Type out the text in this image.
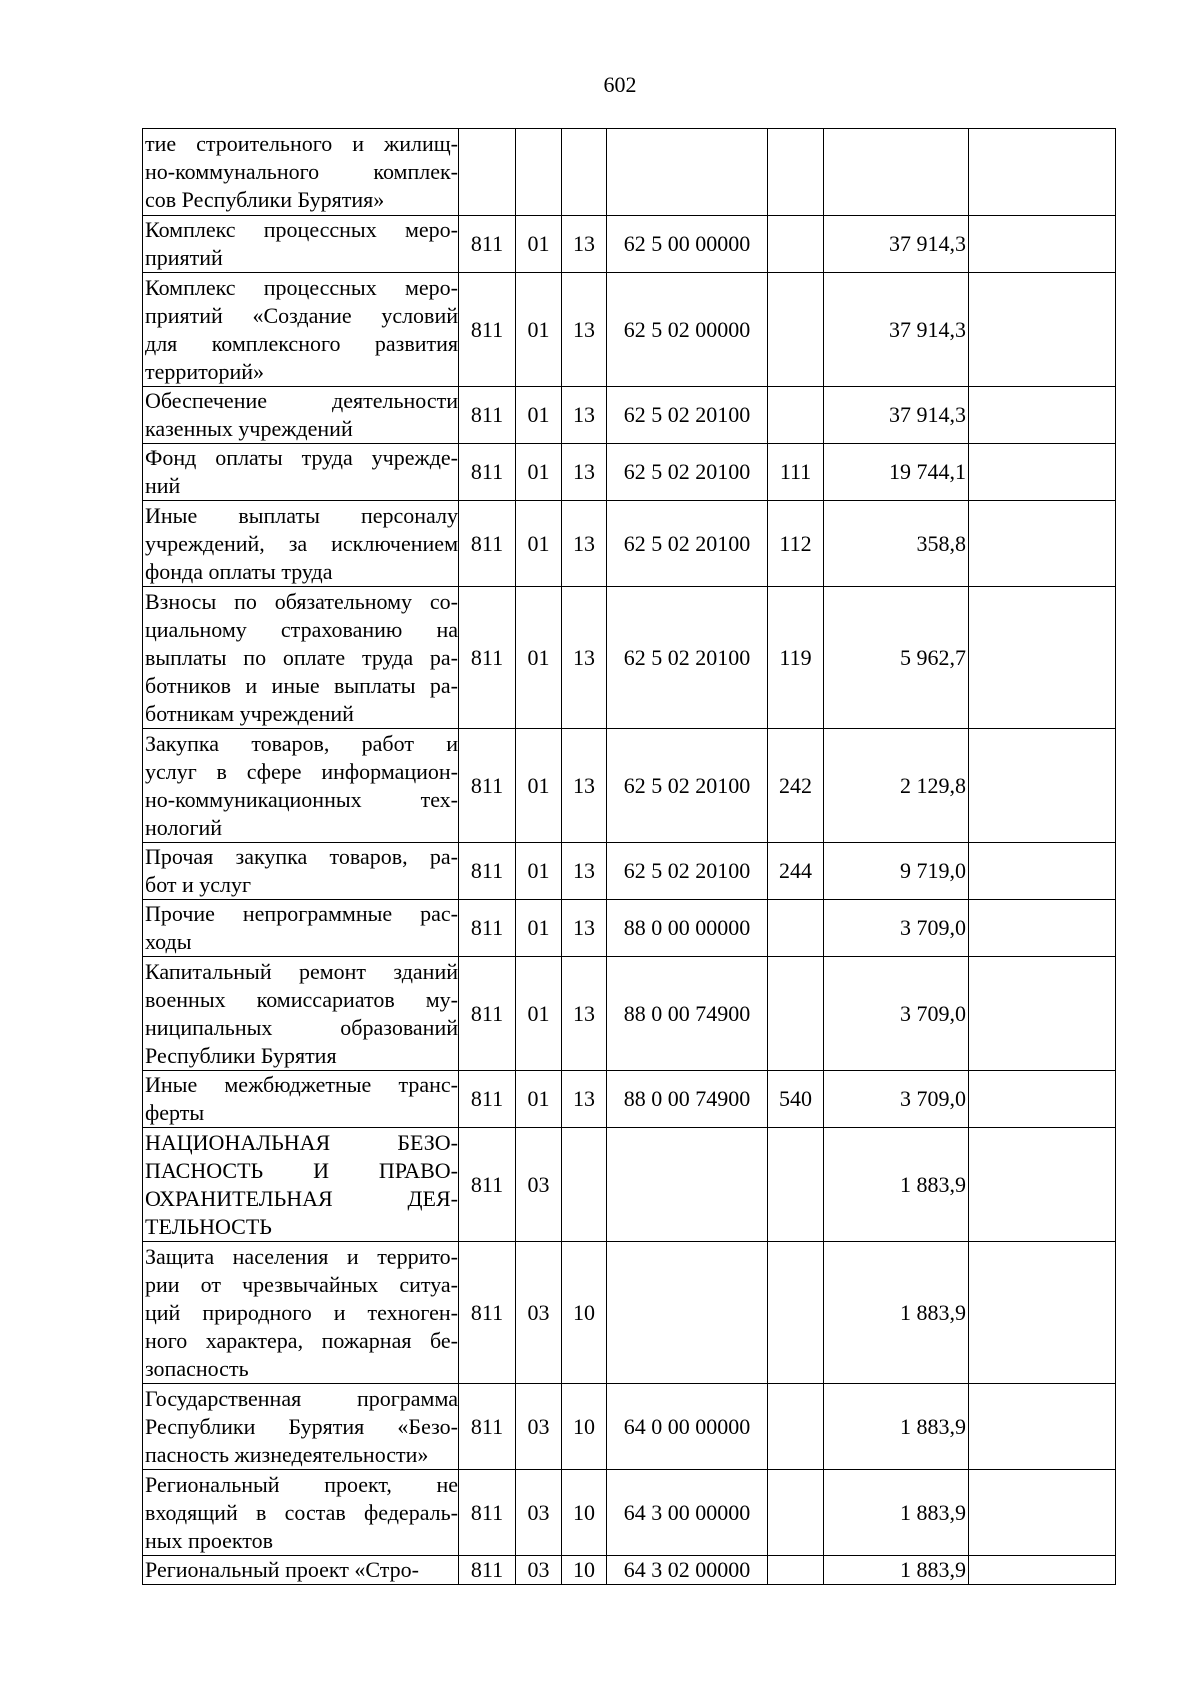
602
тие строительного и жилищ-
но-коммунального комплек-
сов Республики Бурятия»							

Комплекс процессных меро-
приятий	811	01	13	62 5 00 00000		37 914,3	

Комплекс процессных меро-
приятий «Создание условий
для комплексного развития
территорий»	811	01	13	62 5 02 00000		37 914,3	

Обеспечение деятельности
казенных учреждений	811	01	13	62 5 02 20100		37 914,3	

Фонд оплаты труда учрежде-
ний	811	01	13	62 5 02 20100	111	19 744,1	

Иные выплаты персоналу
учреждений, за исключением
фонда оплаты труда	811	01	13	62 5 02 20100	112	358,8	

Взносы по обязательному со-
циальному страхованию на
выплаты по оплате труда ра-
ботников и иные выплаты ра-
ботникам учреждений	811	01	13	62 5 02 20100	119	5 962,7	

Закупка товаров, работ и
услуг в сфере информацион-
но-коммуникационных тех-
нологий	811	01	13	62 5 02 20100	242	2 129,8	

Прочая закупка товаров, ра-
бот и услуг	811	01	13	62 5 02 20100	244	9 719,0	

Прочие непрограммные рас-
ходы	811	01	13	88 0 00 00000		3 709,0	

Капитальный ремонт зданий
военных комиссариатов му-
ниципальных образований
Республики Бурятия	811	01	13	88 0 00 74900		3 709,0	

Иные межбюджетные транс-
ферты	811	01	13	88 0 00 74900	540	3 709,0	

НАЦИОНАЛЬНАЯ БЕЗО-
ПАСНОСТЬ И ПРАВО-
ОХРАНИТЕЛЬНАЯ ДЕЯ-
ТЕЛЬНОСТЬ	811	03				1 883,9	

Защита населения и террито-
рии от чрезвычайных ситуа-
ций природного и техноген-
ного характера, пожарная бе-
зопасность	811	03	10			1 883,9	

Государственная программа
Республики Бурятия «Безо-
пасность жизнедеятельности»	811	03	10	64 0 00 00000		1 883,9	

Региональный проект, не
входящий в состав федераль-
ных проектов	811	03	10	64 3 00 00000		1 883,9	

Региональный проект «Стро-	811	03	10	64 3 02 00000		1 883,9	
